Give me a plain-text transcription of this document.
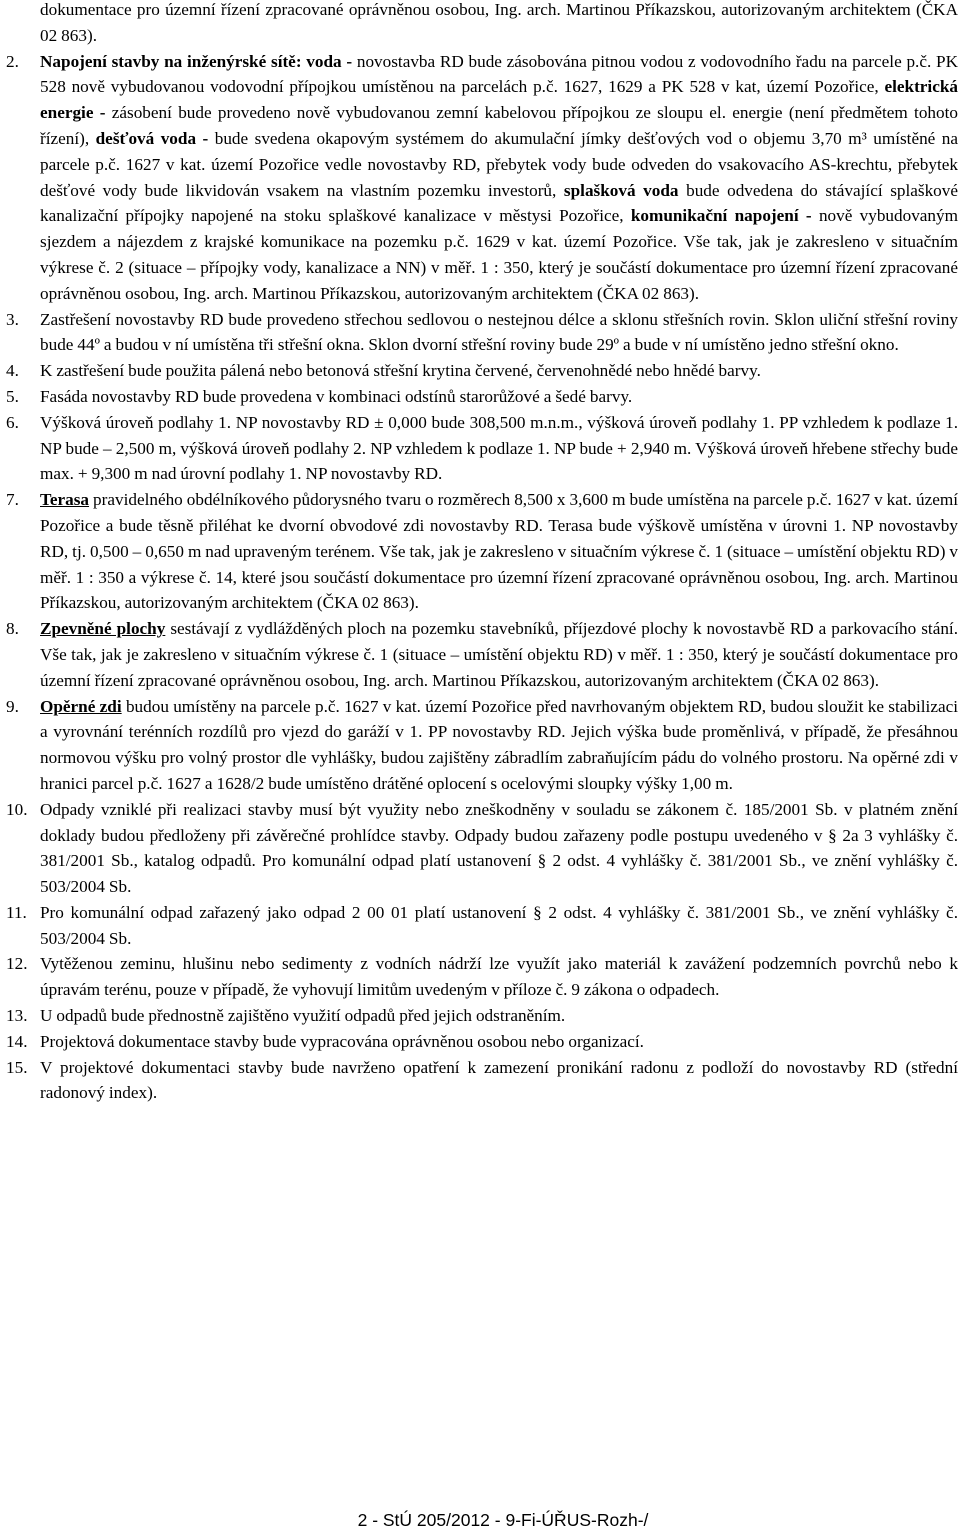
dokumentace pro územní řízení zpracované oprávněnou osobou, Ing. arch. Martinou Příkazskou, autorizovaným architektem (ČKA 02 863).
2.	Napojení stavby na inženýrské sítě: voda - novostavba RD bude zásobována pitnou vodou z vodovodního řadu na parcele p.č. PK 528 nově vybudovanou vodovodní přípojkou umístěnou na parcelách p.č. 1627, 1629 a PK 528 v kat, území Pozořice, elektrická energie - zásobení bude provedeno nově vybudovanou zemní kabelovou přípojkou ze sloupu el. energie (není předmětem tohoto řízení), dešťová voda - bude svedena okapovým systémem do akumulační jímky dešťových vod o objemu 3,70 m³ umístěné na parcele p.č. 1627 v kat. území Pozořice vedle novostavby RD, přebytek vody bude odveden do vsakovacího AS-krechtu, přebytek dešťové vody bude likvidován vsakem na vlastním pozemku investorů, splašková voda bude odvedena do stávající splaškové kanalizační přípojky napojené na stoku splaškové kanalizace v městysi Pozořice, komunikační napojení - nově vybudovaným sjezdem a nájezdem z krajské komunikace na pozemku p.č. 1629 v kat. území Pozořice. Vše tak, jak je zakresleno v situačním výkrese č. 2 (situace – přípojky vody, kanalizace a NN) v měř. 1 : 350, který je součástí dokumentace pro územní řízení zpracované oprávněnou osobou, Ing. arch. Martinou Příkazskou, autorizovaným architektem (ČKA 02 863).
3.	Zastřešení novostavby RD bude provedeno střechou sedlovou o nestejnou délce a sklonu střešních rovin. Sklon uliční střešní roviny bude 44º a budou v ní umístěna tři střešní okna. Sklon dvorní střešní roviny bude 29º a bude v ní umístěno jedno střešní okno.
4.	K zastřešení bude použita pálená nebo betonová střešní krytina červené, červenohnědé nebo hnědé barvy.
5.	Fasáda novostavby RD bude provedena v kombinaci odstínů starorůžové a šedé barvy.
6.	Výšková úroveň podlahy 1. NP novostavby RD ± 0,000 bude 308,500 m.n.m., výšková úroveň podlahy 1. PP vzhledem k podlaze 1. NP bude – 2,500 m, výšková úroveň podlahy 2. NP vzhledem k podlaze 1. NP bude + 2,940 m. Výšková úroveň hřebene střechy bude max. + 9,300 m nad úrovní podlahy 1. NP novostavby RD.
7.	Terasa pravidelného obdélníkového půdorysného tvaru o rozměrech 8,500 x 3,600 m bude umístěna na parcele p.č. 1627 v kat. území Pozořice a bude těsně přiléhat ke dvorní obvodové zdi novostavby RD. Terasa bude výškově umístěna v úrovni 1. NP novostavby RD, tj. 0,500 – 0,650 m nad upraveným terénem. Vše tak, jak je zakresleno v situačním výkrese č. 1 (situace – umístění objektu RD) v měř. 1 : 350 a výkrese č. 14, které jsou součástí dokumentace pro územní řízení zpracované oprávněnou osobou, Ing. arch. Martinou Příkazskou, autorizovaným architektem (ČKA 02 863).
8.	Zpevněné plochy sestávají z vydlážděných ploch na pozemku stavebníků, příjezdové plochy k novostavbě RD a parkovacího stání. Vše tak, jak je zakresleno v situačním výkrese č. 1 (situace – umístění objektu RD) v měř. 1 : 350, který je součástí dokumentace pro územní řízení zpracované oprávněnou osobou, Ing. arch. Martinou Příkazskou, autorizovaným architektem (ČKA 02 863).
9.	Opěrné zdi budou umístěny na parcele p.č. 1627 v kat. území Pozořice před navrhovaným objektem RD, budou sloužit ke stabilizaci a vyrovnání terénních rozdílů pro vjezd do garáží v 1. PP novostavby RD. Jejich výška bude proměnlivá, v případě, že přesáhnou normovou výšku pro volný prostor dle vyhlášky, budou zajištěny zábradlím zabraňujícím pádu do volného prostoru. Na opěrné zdi v hranici parcel p.č. 1627 a 1628/2 bude umístěno drátěné oplocení s ocelovými sloupky výšky 1,00 m.
10. Odpady vzniklé při realizaci stavby musí být využity nebo zneškodněny v souladu se zákonem č. 185/2001 Sb. v platném znění doklady budou předloženy při závěrečné prohlídce stavby. Odpady budou zařazeny podle postupu uvedeného v § 2a 3 vyhlášky č. 381/2001 Sb., katalog odpadů. Pro komunální odpad platí ustanovení § 2 odst. 4 vyhlášky č. 381/2001 Sb., ve znění vyhlášky č. 503/2004 Sb.
11. Pro komunální odpad zařazený jako odpad 2 00 01 platí ustanovení § 2 odst. 4 vyhlášky č. 381/2001 Sb., ve znění vyhlášky č. 503/2004 Sb.
12. Vytěženou zeminu, hlušinu nebo sedimenty z vodních nádrží lze využít jako materiál k zavážení podzemních povrchů nebo k úpravám terénu, pouze v případě, že vyhovují limitům uvedeným v příloze č. 9 zákona o odpadech.
13. U odpadů bude přednostně zajištěno využití odpadů před jejich odstraněním.
14. Projektová dokumentace stavby bude vypracována oprávněnou osobou nebo organizací.
15. V projektové dokumentaci stavby bude navrženo opatření k zamezení pronikání radonu z podloží do novostavby RD (střední radonový index).
2 - StÚ 205/2012 - 9-Fi-ÚŘUS-Rozh-/
